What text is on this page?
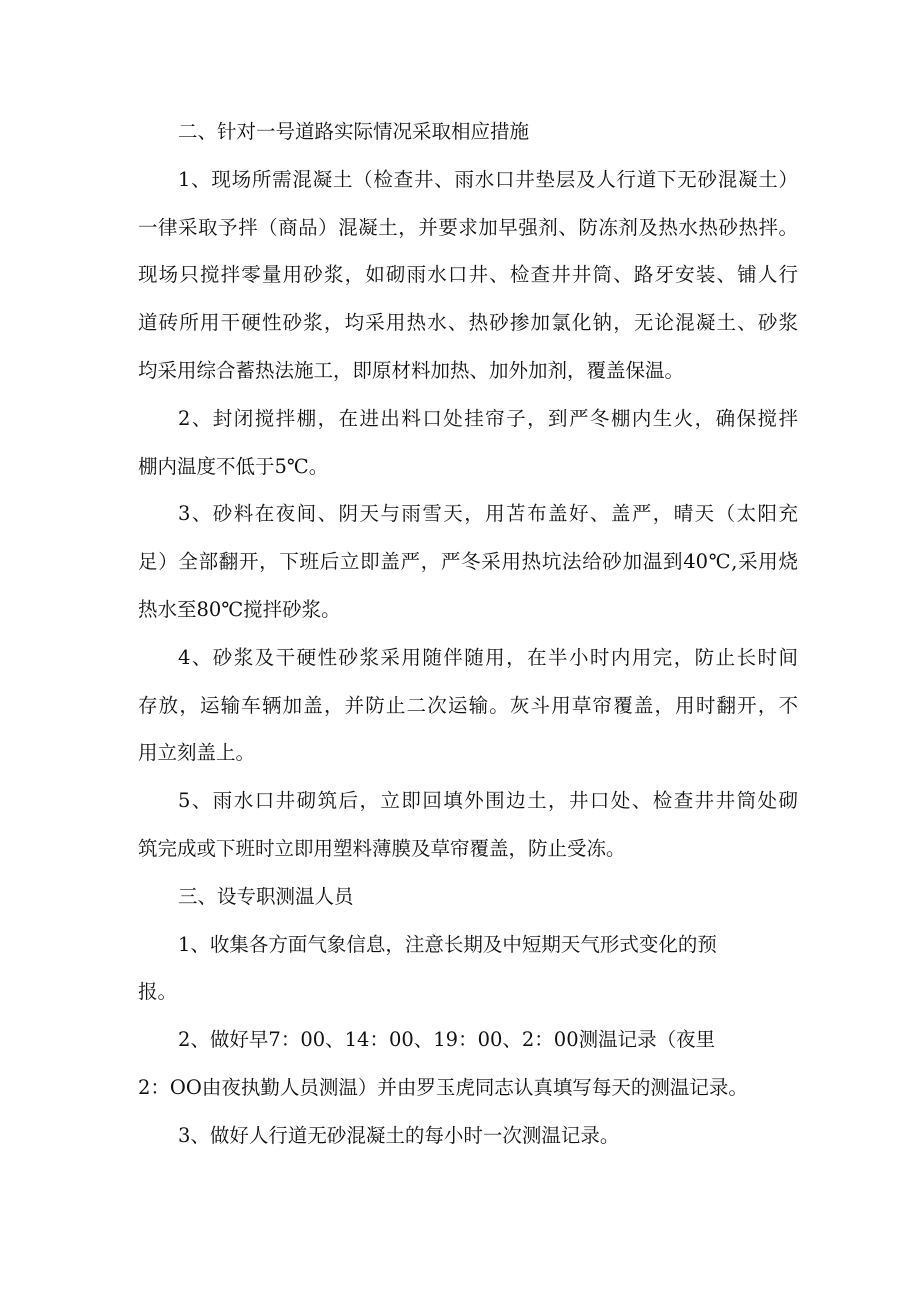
二、针对一号道路实际情况采取相应措施
1、现场所需混凝土（检查井、雨水口井垫层及人行道下无砂混凝土）
一律采取予拌（商品）混凝土，并要求加早强剂、防冻剂及热水热砂热拌。
现场只搅拌零量用砂浆，如砌雨水口井、检查井井筒、路牙安装、铺人行
道砖所用干硬性砂浆，均采用热水、热砂掺加氯化钠，无论混凝土、砂浆
均采用综合蓄热法施工，即原材料加热、加外加剂，覆盖保温。
2、封闭搅拌棚，在进出料口处挂帘子，到严冬棚内生火，确保搅拌
棚内温度不低于5℃。
3、砂料在夜间、阴天与雨雪天，用苫布盖好、盖严，晴天（太阳充
足）全部翻开，下班后立即盖严，严冬采用热坑法给砂加温到40℃,采用烧
热水至80℃搅拌砂浆。
4、砂浆及干硬性砂浆采用随伴随用，在半小时内用完，防止长时间
存放，运输车辆加盖，并防止二次运输。灰斗用草帘覆盖，用时翻开，不
用立刻盖上。
5、雨水口井砌筑后，立即回填外围边土，井口处、检查井井筒处砌
筑完成或下班时立即用塑料薄膜及草帘覆盖，防止受冻。
三、设专职测温人员
1、收集各方面气象信息，注意长期及中短期天气形式变化的预
报。
2、做好早7：00、14：00、19：00、2：00测温记录（夜里
2：OO由夜执勤人员测温）并由罗玉虎同志认真填写每天的测温记录。
3、做好人行道无砂混凝土的每小时一次测温记录。
